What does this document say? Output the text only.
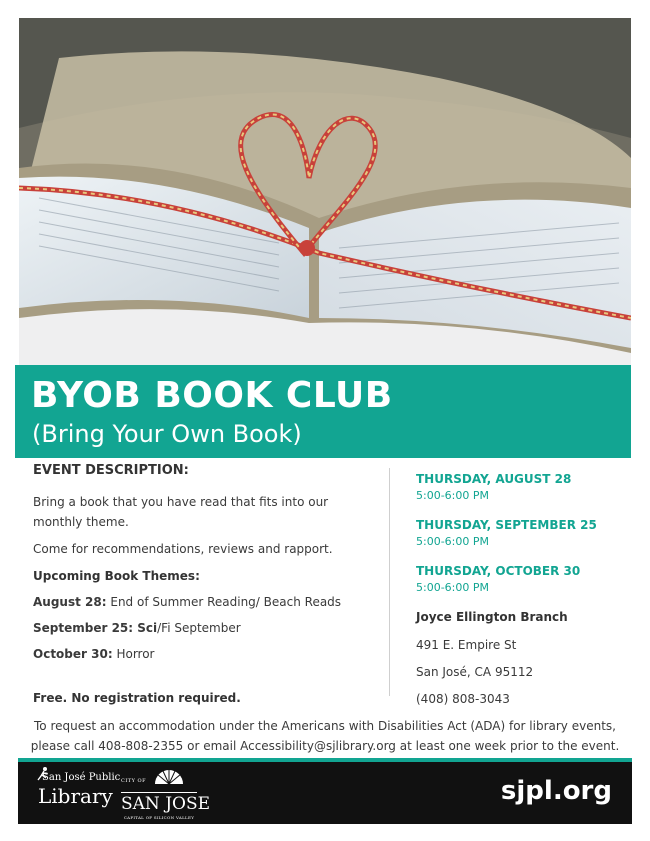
BYOB BOOK CLUB

(Bring Your Own Book)

EVENT DESCRIPTION:

Bring a book that you have read that fits into our monthly theme.

Come for recommendations, reviews and rapport.

Upcoming Book Themes:

August 28: End of Summer Reading/ Beach Reads

September 25: Sci/Fi September

October 30: Horror

Free. No registration required.

THURSDAY, AUGUST 28

5:00-6:00 PM

THURSDAY, SEPTEMBER 25

5:00-6:00 PM

THURSDAY, OCTOBER 30

5:00-6:00 PM

Joyce Ellington Branch

491 E. Empire St

San José, CA 95112

(408) 808-3043

To request an accommodation under the Americans with Disabilities Act (ADA) for library events,
please call 408-808-2355 or email Accessibility@sjlibrary.org at least one week prior to the event.
San José Public
Library
CITY OF
SAN JOSE
CAPITAL OF SILICON VALLEY

sjpl.org
